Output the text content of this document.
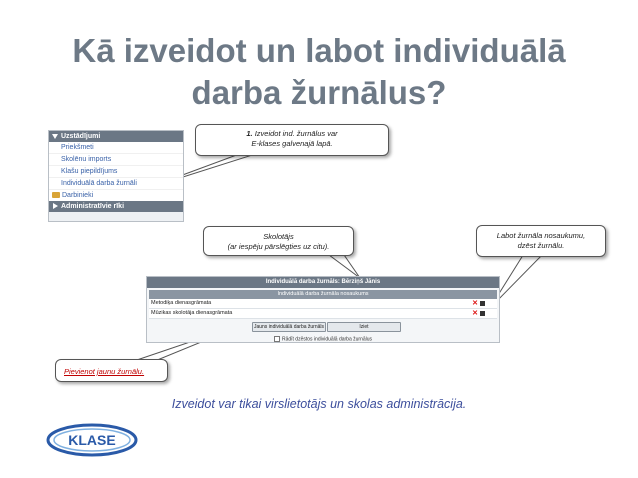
Kā izveidot un labot individuālā
darba žurnālus?
Uzstādījumi
Priekšmeti
Skolēnu imports
Klašu piepildījums
Individuālā darba žurnāli
Darbinieki
Administratīvie rīki
1. Izveidot ind. žurnālus var
E-klases galvenajā lapā.
Skolotājs
(ar iespēju pārslēgties uz citu).
Labot žurnāla nosaukumu,
dzēst žurnālu.
Pievienot jaunu žurnālu.
Individuālā darba žurnāls: Bērziņš Jānis
Individuālā darba žurnāla nosaukums
Metodiķa dienasgrāmata	✕
Mūzikas skolotāja dienasgrāmata	✕
Jauns individuālā darba žurnāls	Iziet
Rādīt dzēstos individuālā darba žurnālus
Izveidot var tikai virslietotājs un skolas administrācija.
KLASE
